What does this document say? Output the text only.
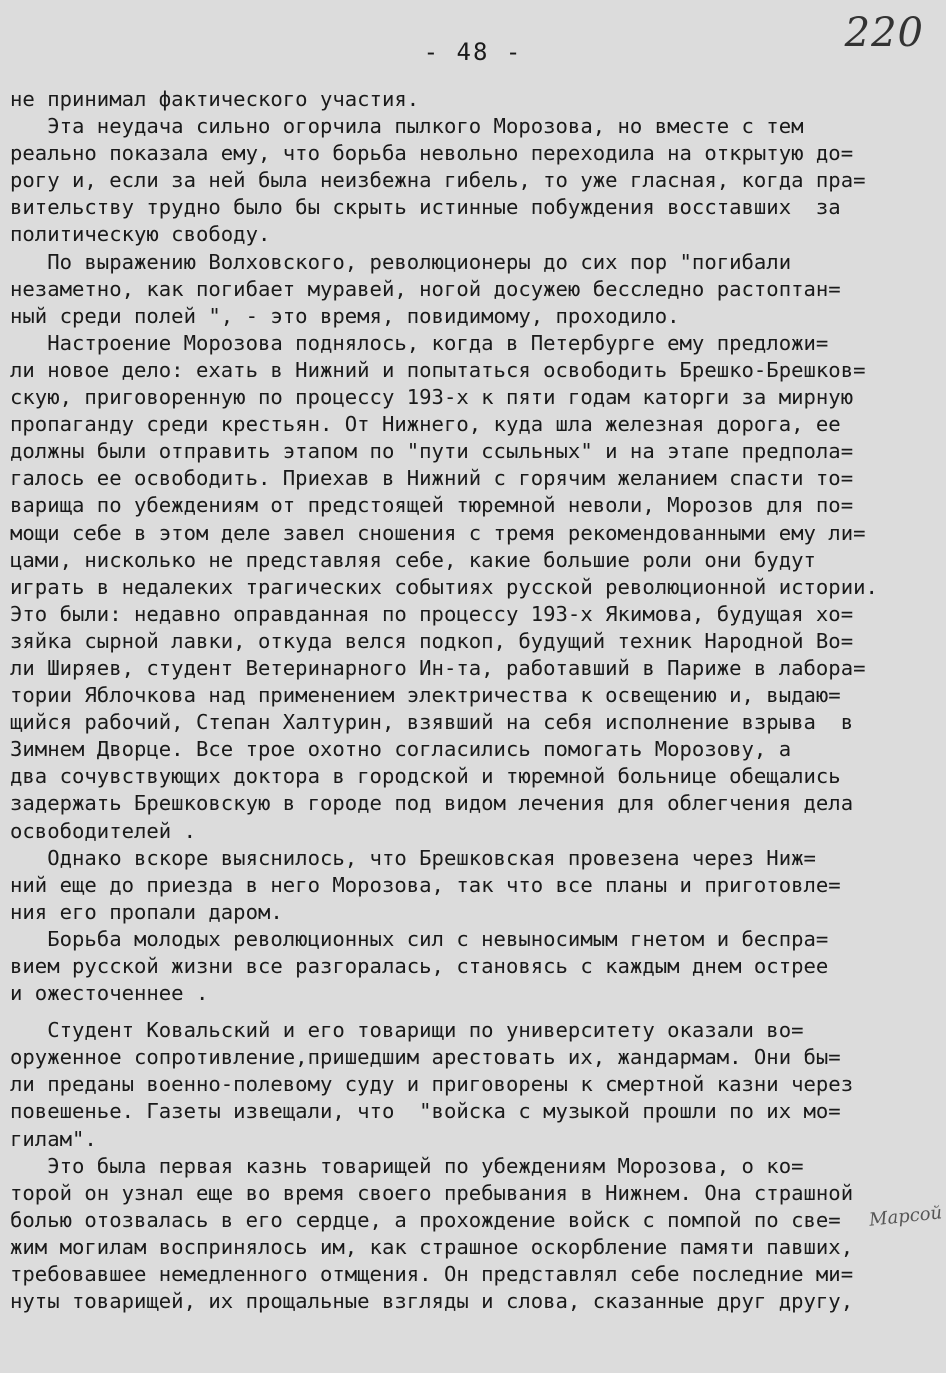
220
- 48 -
не принимал фактического участия.
Эта неудача сильно огорчила пылкого Морозова, но вместе с тем
реально показала ему, что борьба невольно переходила на открытую до=
рогу и, если за ней была неизбежна гибель, то уже гласная, когда пра=
вительству трудно было бы скрыть истинные побуждения восставших  за
политическую свободу.
По выражению Волховского, революционеры до сих пор "погибали
незаметно, как погибает муравей, ногой досужею бесследно растоптан=
ный среди полей ", - это время, повидимому, проходило.
Настроение Морозова поднялось, когда в Петербурге ему предложи=
ли новое дело: ехать в Нижний и попытаться освободить Брешко-Брешков=
скую, приговоренную по процессу 193-х к пяти годам каторги за мирную
пропаганду среди крестьян. От Нижнего, куда шла железная дорога, ее
должны были отправить этапом по "пути ссыльных" и на этапе предпола=
галось ее освободить. Приехав в Нижний с горячим желанием спасти то=
варища по убеждениям от предстоящей тюремной неволи, Морозов для по=
мощи себе в этом деле завел сношения с тремя рекомендованными ему ли=
цами, нисколько не представляя себе, какие большие роли они будут
играть в недалеких трагических событиях русской революционной истории.
Это были: недавно оправданная по процессу 193-х Якимова, будущая хо=
зяйка сырной лавки, откуда велся подкоп, будущий техник Народной Во=
ли Ширяев, студент Ветеринарного Ин-та, работавший в Париже в лабора=
тории Яблочкова над применением электричества к освещению и, выдаю=
щийся рабочий, Степан Халтурин, взявший на себя исполнение взрыва  в
Зимнем Дворце. Все трое охотно согласились помогать Морозову, а
два сочувствующих доктора в городской и тюремной больнице обещались
задержать Брешковскую в городе под видом лечения для облегчения дела
освободителей .
Однако вскоре выяснилось, что Брешковская провезена через Ниж=
ний еще до приезда в него Морозова, так что все планы и приготовле=
ния его пропали даром.
Борьба молодых революционных сил с невыносимым гнетом и беспра=
вием русской жизни все разгоралась, становясь с каждым днем острее
и ожесточеннее .
Студент Ковальский и его товарищи по университету оказали во=
оруженное сопротивление,пришедшим арестовать их, жандармам. Они бы=
ли преданы военно-полевому суду и приговорены к смертной казни через
повешенье. Газеты извещали, что  "войска с музыкой прошли по их мо=
гилам".
Это была первая казнь товарищей по убеждениям Морозова, о ко=
торой он узнал еще во время своего пребывания в Нижнем. Она страшной
болью отозвалась в его сердце, а прохождение войск с помпой по све=
жим могилам воспринялось им, как страшное оскорбление памяти павших,
требовавшее немедленного отмщения. Он представлял себе последние ми=
нуты товарищей, их прощальные взгляды и слова, сказанные друг другу,
Марсой
